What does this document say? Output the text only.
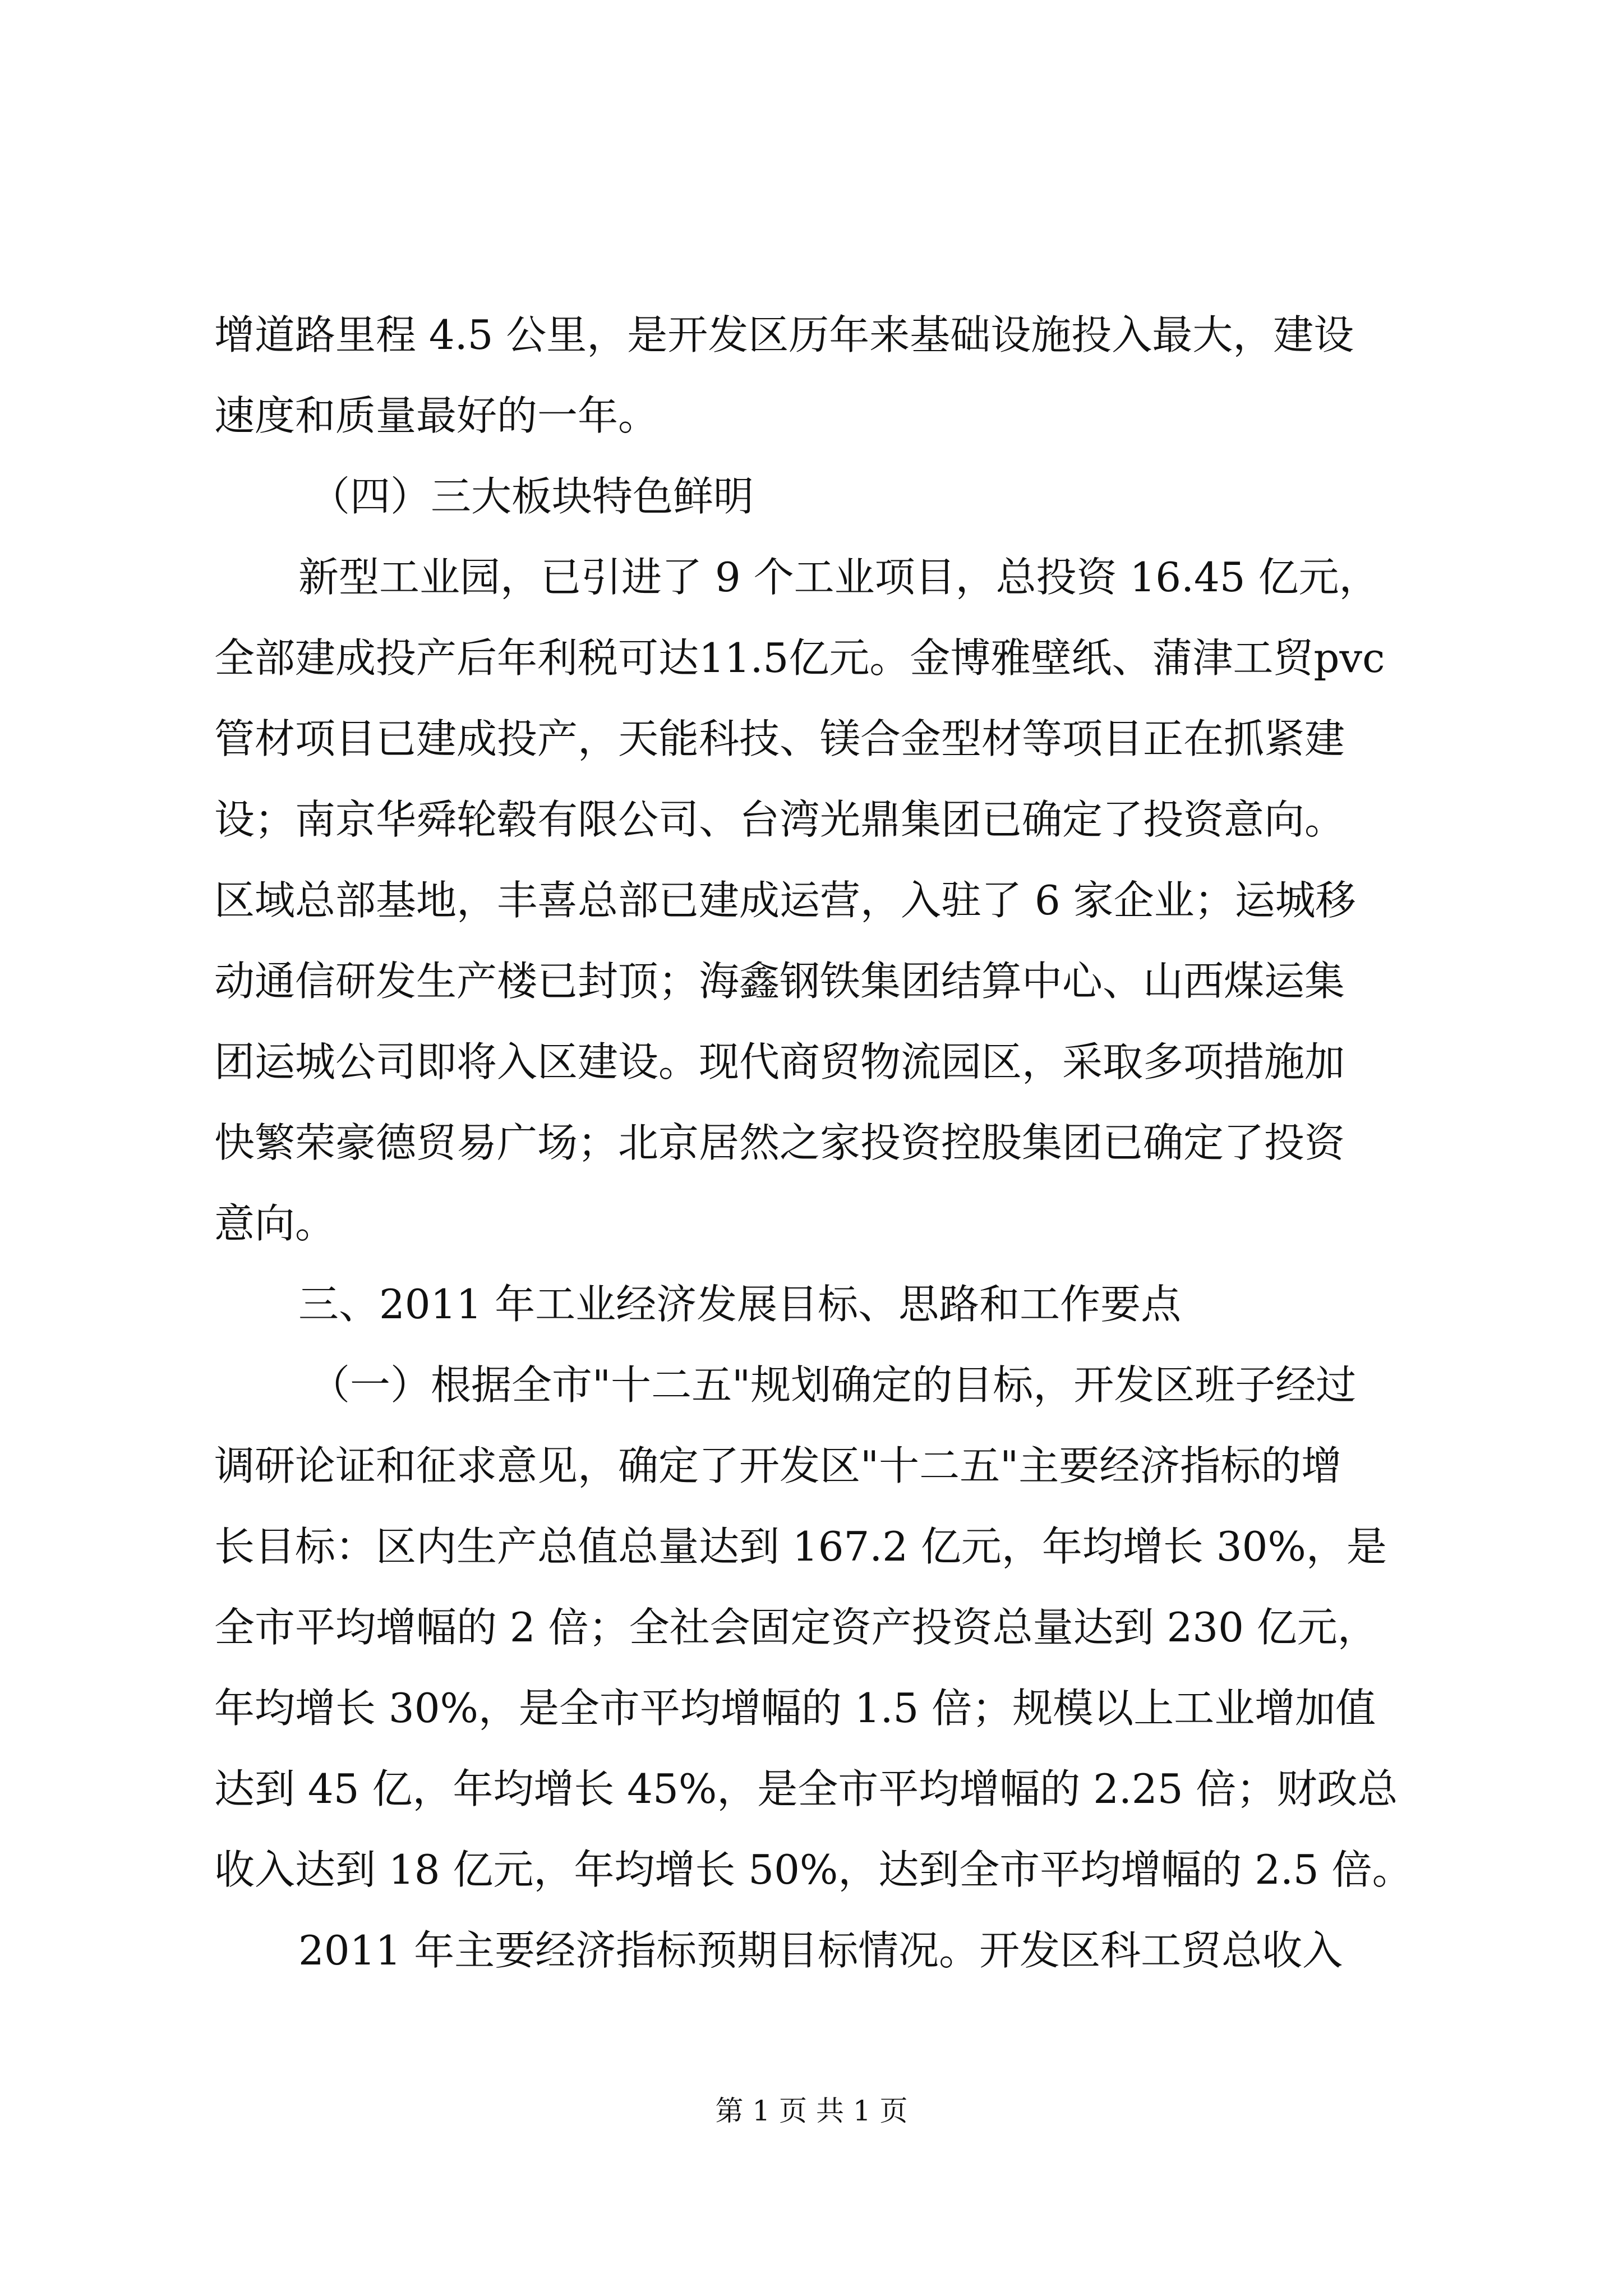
增道路里程 4.5 公里，是开发区历年来基础设施投入最大，建设
速度和质量最好的一年。
（四）三大板块特色鲜明
新型工业园，已引进了 9 个工业项目，总投资 16.45 亿元，
全部建成投产后年利税可达11.5亿元。金博雅壁纸、蒲津工贸pvc
管材项目已建成投产，天能科技、镁合金型材等项目正在抓紧建
设；南京华舜轮毂有限公司、台湾光鼎集团已确定了投资意向。
区域总部基地，丰喜总部已建成运营，入驻了 6 家企业；运城移
动通信研发生产楼已封顶；海鑫钢铁集团结算中心、山西煤运集
团运城公司即将入区建设。现代商贸物流园区，采取多项措施加
快繁荣豪德贸易广场；北京居然之家投资控股集团已确定了投资
意向。
三、2011 年工业经济发展目标、思路和工作要点
（一）根据全市"十二五"规划确定的目标，开发区班子经过
调研论证和征求意见，确定了开发区"十二五"主要经济指标的增
长目标：区内生产总值总量达到 167.2 亿元，年均增长 30%，是
全市平均增幅的 2 倍；全社会固定资产投资总量达到 230 亿元，
年均增长 30%，是全市平均增幅的 1.5 倍；规模以上工业增加值
达到 45 亿，年均增长 45%，是全市平均增幅的 2.25 倍；财政总
收入达到 18 亿元，年均增长 50%，达到全市平均增幅的 2.5 倍。
2011 年主要经济指标预期目标情况。开发区科工贸总收入
第 1 页 共 1 页
